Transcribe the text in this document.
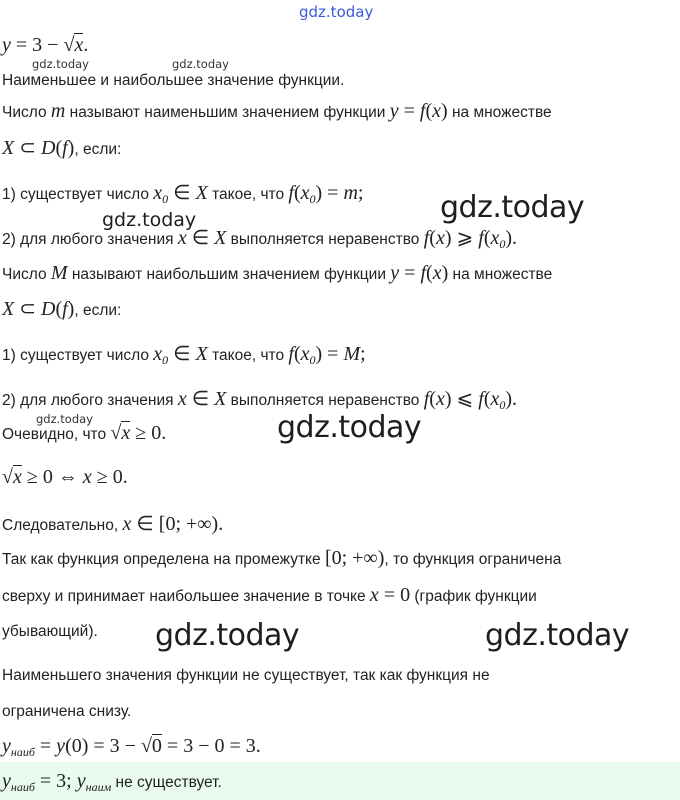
gdz.today
gdz.today	gdz.today
gdz.today
gdz.today
gdz.today	gdz.today
gdz.today	gdz.today
y = 3 − √x.
Наименьшее и наибольшее значение функции.
Число m называют наименьшим значением функции y = f(x) на множестве
X ⊂ D(f), если:
1) существует число $x_0$ ∈ X такое, что $f(x_0) = m$;
2) для любого значения x ∈ X выполняется неравенство f(x) ⩾ $f(x_0)$.
Число M называют наибольшим значением функции y = f(x) на множестве
X ⊂ D(f), если:
1) существует число $x_0$ ∈ X такое, что $f(x_0) = M$;
2) для любого значения x ∈ X выполняется неравенство f(x) ⩽ $f(x_0)$.
Очевидно, что √x ≥ 0.
√x ≥ 0 ⇔ x ≥ 0.
Следовательно, x ∈ [0; +∞).
Так как функция определена на промежутке [0; +∞), то функция ограничена
сверху и принимает наибольшее значение в точке x = 0 (график функции
убывающий).
Наименьшего значения функции не существует, так как функция не
ограничена снизу.
$y_{наиб} = y(0) = 3 - √0 = 3 - 0 = 3$.
$y_{наиб} = 3$; $y_{наим}$ не существует.
